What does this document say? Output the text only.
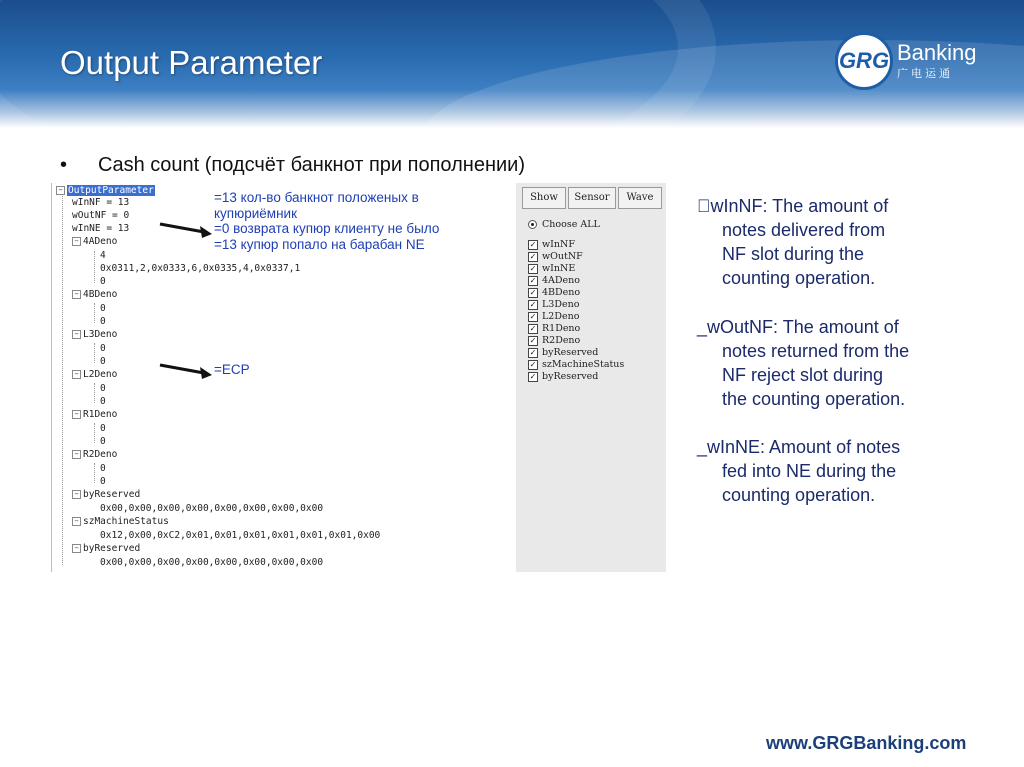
Output Parameter	GRG Banking
广电运通
• Cash count (подсчёт банкнот при пополнении)
− OutputParameter
wInNF = 13
wOutNF = 0
wInNE = 13
− 4ADeno
4
0x0311,2,0x0333,6,0x0335,4,0x0337,1
0
− 4BDeno
0
0
− L3Deno
0
0
− L2Deno
0
0
− R1Deno
0
0
− R2Deno
0
0
− byReserved
0x00,0x00,0x00,0x00,0x00,0x00,0x00,0x00
− szMachineStatus
0x12,0x00,0xC2,0x01,0x01,0x01,0x01,0x01,0x01,0x00
− byReserved
0x00,0x00,0x00,0x00,0x00,0x00,0x00,0x00
Show	Sensor	Wave
Choose ALL
✓ wInNF
✓ wOutNF
✓ wInNE
✓ 4ADeno
✓ 4BDeno
✓ L3Deno
✓ L2Deno
✓ R1Deno
✓ R2Deno
✓ byReserved
✓ szMachineStatus
✓ byReserved
=13 кол-во банкнот положеных в
купюриёмник
=0 возврата купюр клиенту не было
=13 купюр попало на барабан NE
=ECP
wInNF: The amount of
notes delivered from
NF slot during the
counting operation.
_wOutNF: The amount of
notes returned from the
NF reject slot during
the counting operation.
_wInNE: Amount of notes
fed into NE during the
counting operation.
www.GRGBanking.com
